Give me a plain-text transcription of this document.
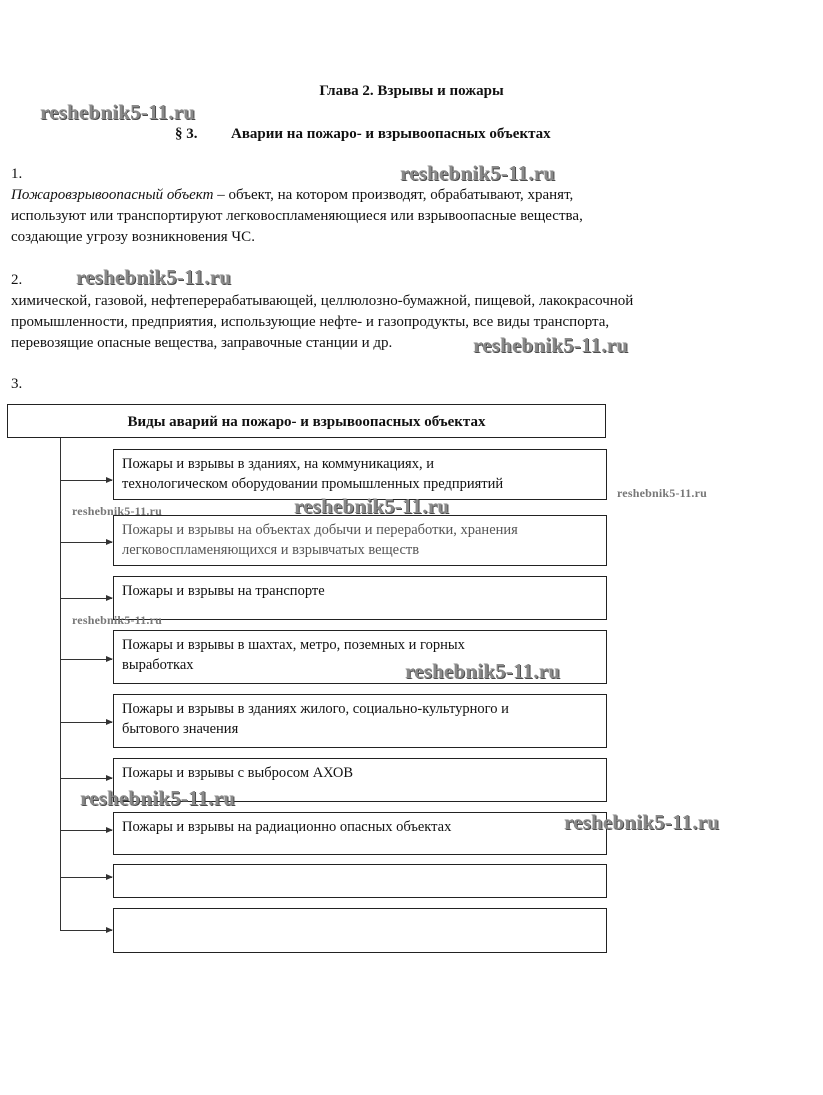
Глава 2. Взрывы и пожары
§ 3. Аварии на пожаро- и взрывоопасных объектах
1.
Пожаровзрывоопасный объект – объект, на котором производят, обрабатывают, хранят,
используют или транспортируют легковоспламеняющиеся или взрывоопасные вещества,
создающие угрозу возникновения ЧС.
2.
химической, газовой, нефтеперерабатывающей, целлюлозно-бумажной, пищевой, лакокрасочной
промышленности, предприятия, использующие нефте- и газопродукты, все виды транспорта,
перевозящие опасные вещества, заправочные станции и др.
3.
Виды аварий на пожаро- и взрывоопасных объектах
Пожары и взрывы в зданиях, на коммуникациях, и
технологическом оборудовании промышленных предприятий
Пожары и взрывы на объектах добычи и переработки, хранения
легковоспламеняющихся и взрывчатых веществ
Пожары и взрывы на транспорте
Пожары и взрывы в шахтах, метро, поземных и горных
выработках
Пожары и взрывы в зданиях жилого, социально-культурного и
бытового значения
Пожары и взрывы с выбросом АХОВ
Пожары и взрывы на радиационно опасных объектах
reshebnik5-11.ru
reshebnik5-11.ru
reshebnik5-11.ru
reshebnik5-11.ru
reshebnik5-11.ru
reshebnik5-11.ru
reshebnik5-11.ru
reshebnik5-11.ru
reshebnik5-11.ru
reshebnik5-11.ru
reshebnik5-11.ru
